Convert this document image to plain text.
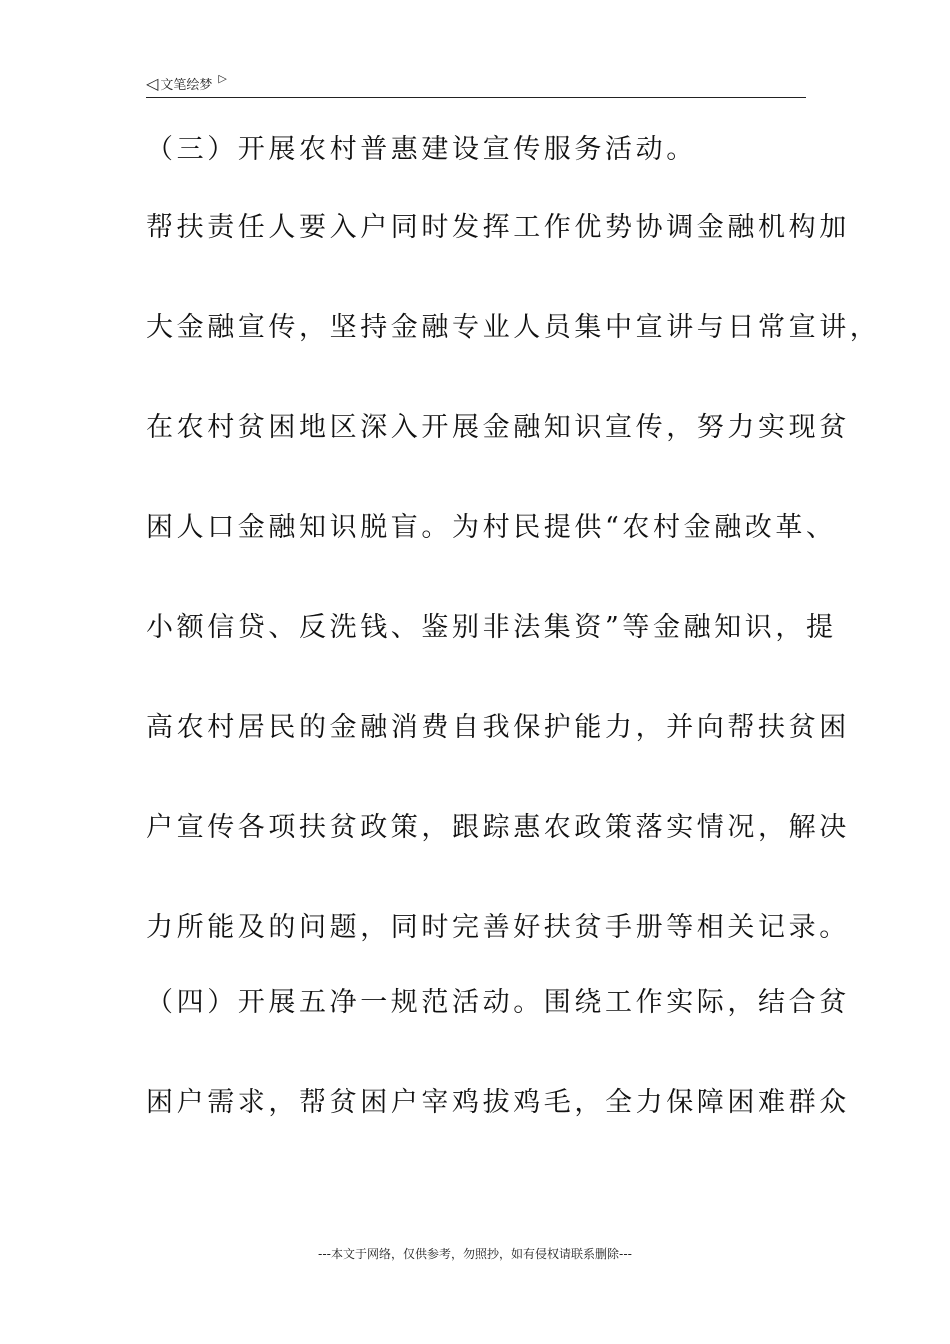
◁ 文笔绘梦 ▷
（三）开展农村普惠建设宣传服务活动。
帮扶责任人要入户同时发挥工作优势协调金融机构加
大金融宣传，坚持金融专业人员集中宣讲与日常宣讲，
在农村贫困地区深入开展金融知识宣传，努力实现贫
困人口金融知识脱盲。为村民提供“农村金融改革、
小额信贷、反洗钱、鉴别非法集资”等金融知识，提
高农村居民的金融消费自我保护能力，并向帮扶贫困
户宣传各项扶贫政策，跟踪惠农政策落实情况，解决
力所能及的问题，同时完善好扶贫手册等相关记录。
（四）开展五净一规范活动。围绕工作实际，结合贫
困户需求，帮贫困户宰鸡拔鸡毛，全力保障困难群众
---本文于网络，仅供参考，勿照抄，如有侵权请联系删除---
